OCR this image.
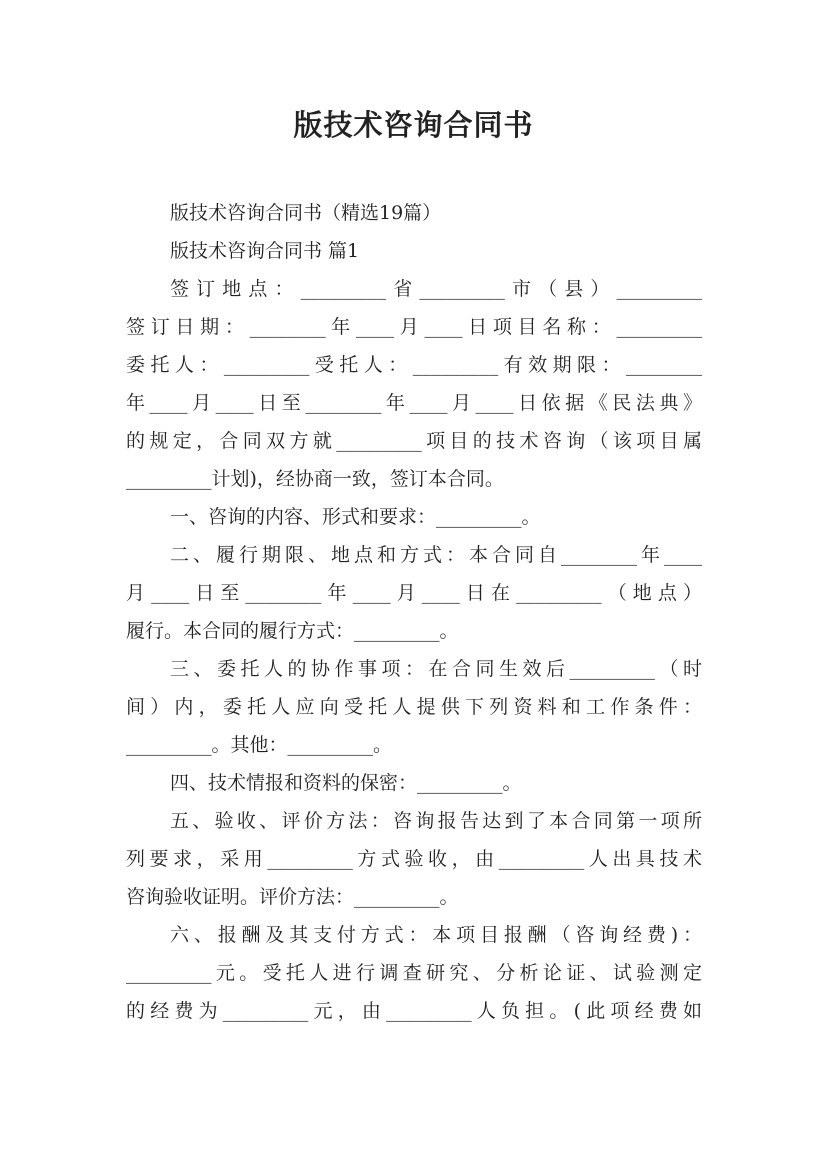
版技术咨询合同书
版技术咨询合同书（精选19篇）
版技术咨询合同书 篇1
签订地点：_________省_________市（县）_________
签订日期：________年____月____日项目名称：_________
委托人：_________受托人：_________有效期限：________
年____月____日至________年____月____日依据《民法典》
的规定，合同双方就_________项目的技术咨询（该项目属
_________计划)，经协商一致，签订本合同。
一、咨询的内容、形式和要求：_________。
二、履行期限、地点和方式：本合同自________年____
月____日至________年____月____日在_________（地点）
履行。本合同的履行方式：_________。
三、委托人的协作事项：在合同生效后_________（时
间）内，委托人应向受托人提供下列资料和工作条件：
_________。其他：_________。
四、技术情报和资料的保密：_________。
五、验收、评价方法：咨询报告达到了本合同第一项所
列要求，采用_________方式验收，由_________人出具技术
咨询验收证明。评价方法：_________。
六、报酬及其支付方式：本项目报酬（咨询经费)：
_________元。受托人进行调查研究、分析论证、试验测定
的经费为_________元，由_________人负担。(此项经费如
